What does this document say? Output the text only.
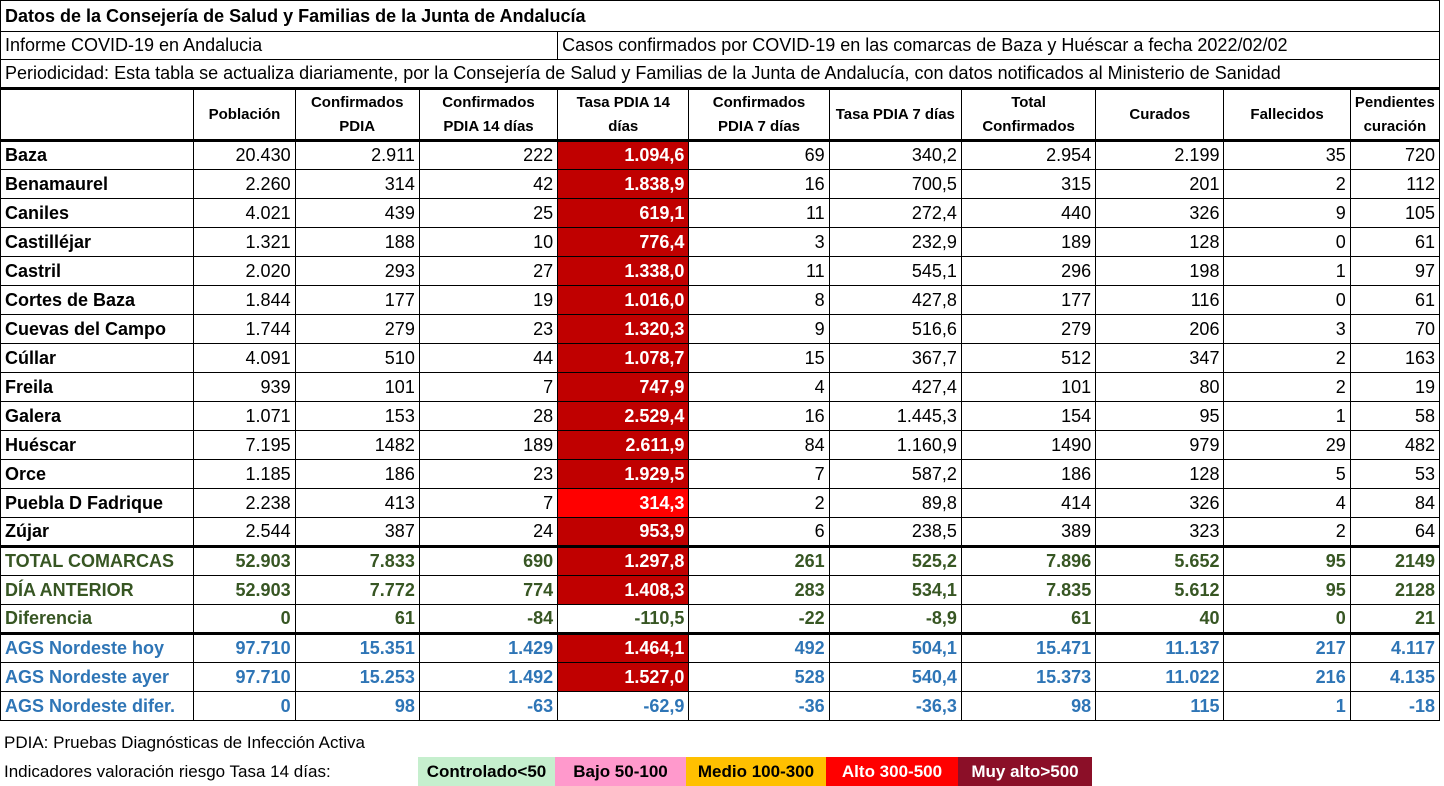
Datos de la Consejería de Salud y Familias de la Junta de Andalucía										
Informe COVID-19 en Andalucia				Casos confirmados por COVID-19 en las comarcas de Baza y Huéscar a fecha 2022/02/02						
Periodicidad: Esta tabla se actualiza diariamente, por la Consejería de Salud y Familias de la Junta de Andalucía, con datos notificados al Ministerio de Sanidad										
	Población	Confirmados PDIA	Confirmados PDIA 14 días	Tasa PDIA 14 días	Confirmados PDIA 7 días	Tasa PDIA 7 días	Total Confirmados	Curados	Fallecidos	Pendientes curación
Baza	20.430	2.911	222	1.094,6	69	340,2	2.954	2.199	35	720
Benamaurel	2.260	314	42	1.838,9	16	700,5	315	201	2	112
Caniles	4.021	439	25	619,1	11	272,4	440	326	9	105
Castilléjar	1.321	188	10	776,4	3	232,9	189	128	0	61
Castril	2.020	293	27	1.338,0	11	545,1	296	198	1	97
Cortes de Baza	1.844	177	19	1.016,0	8	427,8	177	116	0	61
Cuevas del Campo	1.744	279	23	1.320,3	9	516,6	279	206	3	70
Cúllar	4.091	510	44	1.078,7	15	367,7	512	347	2	163
Freila	939	101	7	747,9	4	427,4	101	80	2	19
Galera	1.071	153	28	2.529,4	16	1.445,3	154	95	1	58
Huéscar	7.195	1482	189	2.611,9	84	1.160,9	1490	979	29	482
Orce	1.185	186	23	1.929,5	7	587,2	186	128	5	53
Puebla D Fadrique	2.238	413	7	314,3	2	89,8	414	326	4	84
Zújar	2.544	387	24	953,9	6	238,5	389	323	2	64
TOTAL COMARCAS	52.903	7.833	690	1.297,8	261	525,2	7.896	5.652	95	2149
DÍA ANTERIOR	52.903	7.772	774	1.408,3	283	534,1	7.835	5.612	95	2128
Diferencia	0	61	-84	-110,5	-22	-8,9	61	40	0	21
AGS Nordeste hoy	97.710	15.351	1.429	1.464,1	492	504,1	15.471	11.137	217	4.117
AGS Nordeste ayer	97.710	15.253	1.492	1.527,0	528	540,4	15.373	11.022	216	4.135
AGS Nordeste difer.	0	98	-63	-62,9	-36	-36,3	98	115	1	-18
PDIA: Pruebas Diagnósticas de Infección Activa
Indicadores valoración riesgo Tasa 14 días:	Controlado<50	Bajo 50-100	Medio 100-300	Alto 300-500	Muy alto>500
